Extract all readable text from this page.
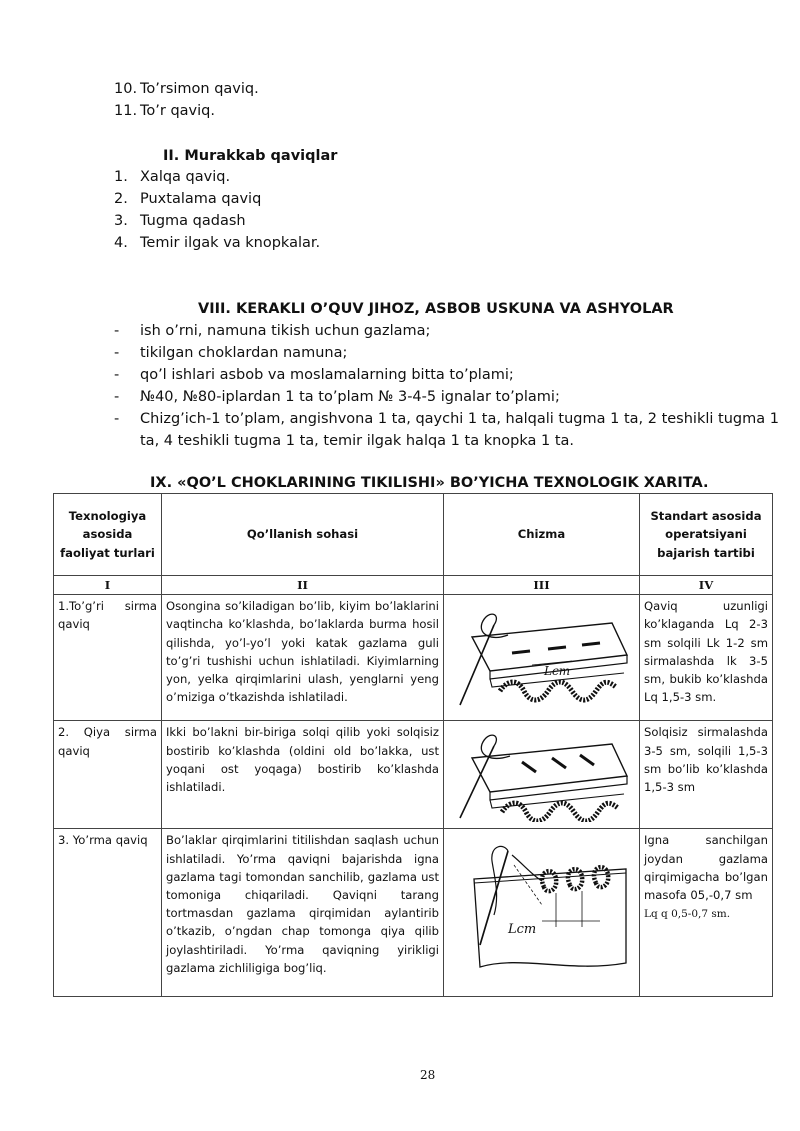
10. To’rsimon qaviq.
11. To’r qaviq.
II. Murakkab qaviqlar
1. Xalqa qaviq.
2. Puxtalama qaviq
3. Tugma qadash
4. Temir ilgak va knopkalar.
VIII. KERAKLI O’QUV JIHOZ, ASBOB USKUNA VA ASHYOLAR
- ish o’rni, namuna tikish uchun gazlama;
- tikilgan choklardan namuna;
- qo’l ishlari asbob va moslamalarning bitta to’plami;
- №40, №80-iplardan 1 ta to’plam № 3-4-5 ignalar to’plami;
- Chizg’ich-1 to’plam, angishvona 1 ta, qaychi 1 ta, halqali tugma 1 ta, 2 teshikli tugma 1 ta, 4 teshikli tugma 1 ta, temir ilgak halqa 1 ta knopka 1 ta.
IX. «QO’L CHOKLARINING TIKILISHI» BO’YICHA TEXNOLOGIK XARITA.
Texnologiya asosida faoliyat turlari	Qo’llanish sohasi	Chizma	Standart asosida operatsiyani bajarish tartibi
I	II	III	IV
1.To’g’ri sirma qaviq	Osongina so’kiladigan bo’lib, kiyim bo’laklarini vaqtincha ko’klashda, bo’laklarda burma hosil qilishda, yo’l-yo’l yoki katak gazlama guli to’g’ri tushishi uchun ishlatiladi. Kiyimlarning yon, yelka qirqimlarini ulash, yenglarni yeng o’miziga o’tkazishda ishlatiladi.	Lст	Qaviq uzunligi ko’klaganda Lq 2-3 sm solqili Lk 1-2 sm sirmalashda lk 3-5 sm, bukib ko’klashda Lq 1,5-3 sm.
2. Qiya sirma qaviq	Ikki bo’lakni bir-biriga solqi qilib yoki solqisiz bostirib ko’klashda (oldini old bo’lakka, ust yoqani ost yoqaga) bostirib ko’klashda ishlatiladi.		Solqisiz sirmalashda 3-5 sm, solqili 1,5-3 sm bo’lib ko’klashda 1,5-3 sm
3. Yo’rma qaviq	Bo’laklar qirqimlarini titilishdan saqlash uchun ishlatiladi. Yo’rma qaviqni bajarishda igna gazlama tagi tomondan sanchilib, gazlama ust tomoniga chiqariladi. Qaviqni tarang tortmasdan gazlama qirqimidan aylantirib o’tkazib, o’ngdan chap tomonga qiya qilib joylashtiriladi. Yo’rma qaviqning yirikligi gazlama zichliligiga bog’liq.	Lст	Igna sanchilgan joydan gazlama qirqimigacha bo’lgan masofa 05,-0,7 sm
Lq q 0,5-0,7 sm.
28
